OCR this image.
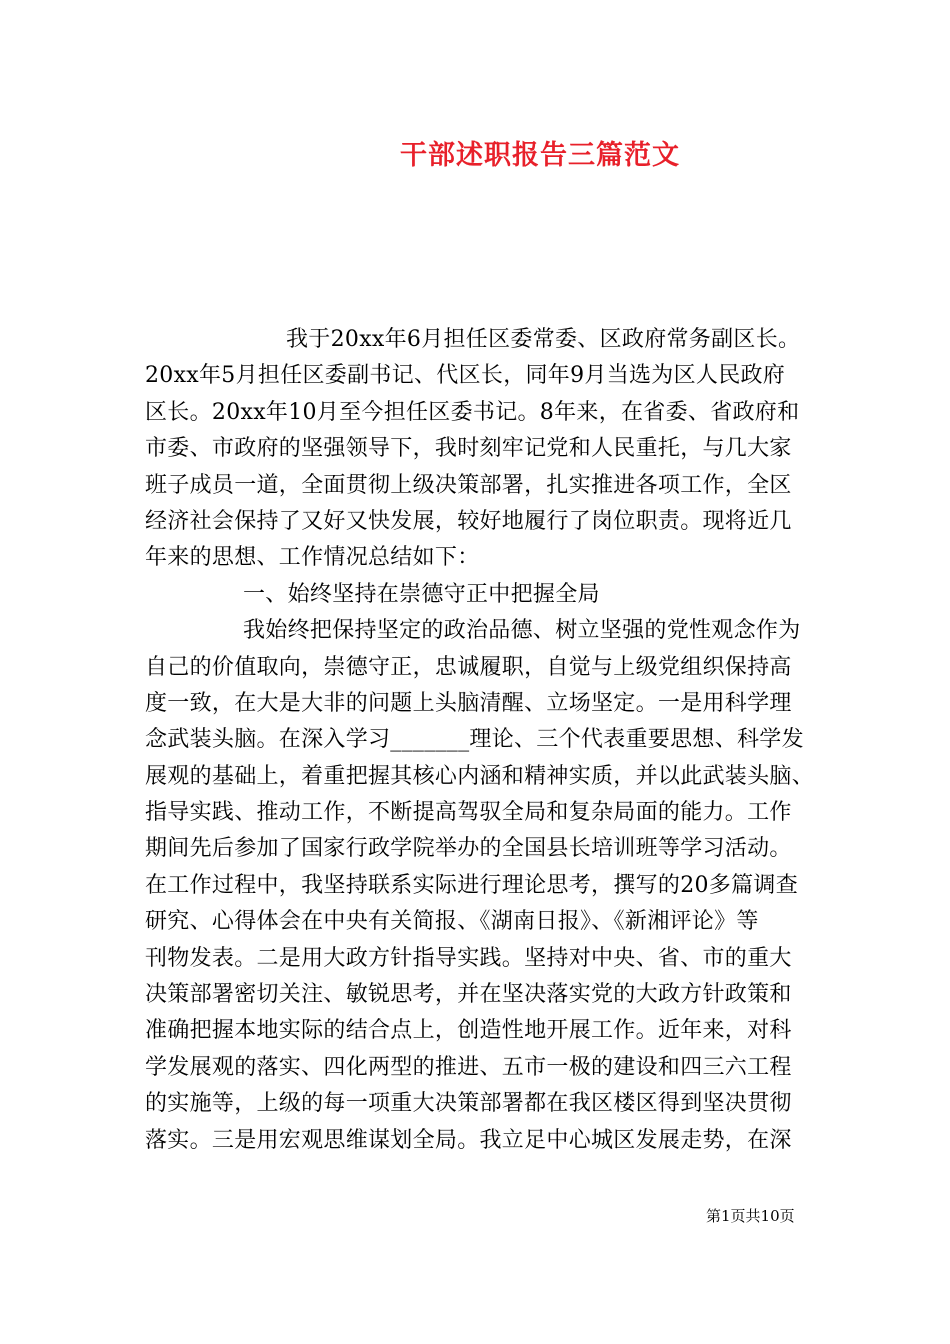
干部述职报告三篇范文
我于20xx年6月担任区委常委、区政府常务副区长。
20xx年5月担任区委副书记、代区长，同年9月当选为区人民政府
区长。20xx年10月至今担任区委书记。8年来，在省委、省政府和
市委、市政府的坚强领导下，我时刻牢记党和人民重托，与几大家
班子成员一道，全面贯彻上级决策部署，扎实推进各项工作，全区
经济社会保持了又好又快发展，较好地履行了岗位职责。现将近几
年来的思想、工作情况总结如下：
一、始终坚持在崇德守正中把握全局
我始终把保持坚定的政治品德、树立坚强的党性观念作为
自己的价值取向，崇德守正，忠诚履职，自觉与上级党组织保持高
度一致，在大是大非的问题上头脑清醒、立场坚定。一是用科学理
念武装头脑。在深入学习_______理论、三个代表重要思想、科学发
展观的基础上，着重把握其核心内涵和精神实质，并以此武装头脑、
指导实践、推动工作，不断提高驾驭全局和复杂局面的能力。工作
期间先后参加了国家行政学院举办的全国县长培训班等学习活动。
在工作过程中，我坚持联系实际进行理论思考，撰写的20多篇调查
研究、心得体会在中央有关简报、《湖南日报》、《新湘评论》等
刊物发表。二是用大政方针指导实践。坚持对中央、省、市的重大
决策部署密切关注、敏锐思考，并在坚决落实党的大政方针政策和
准确把握本地实际的结合点上，创造性地开展工作。近年来，对科
学发展观的落实、四化两型的推进、五市一极的建设和四三六工程
的实施等，上级的每一项重大决策部署都在我区楼区得到坚决贯彻
落实。三是用宏观思维谋划全局。我立足中心城区发展走势，在深
第1页共10页
